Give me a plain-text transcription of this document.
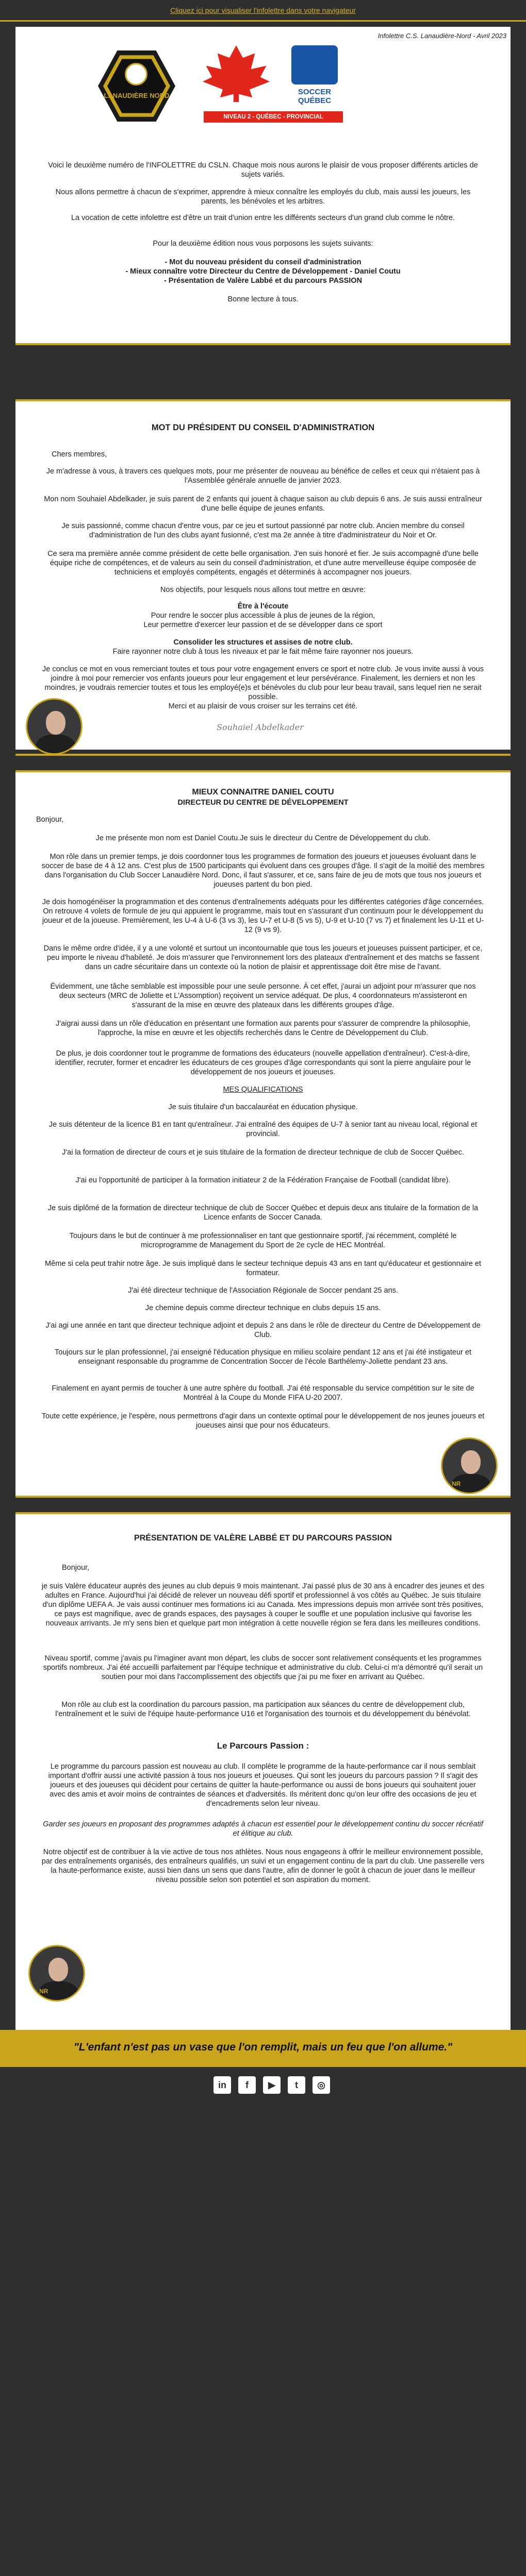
Cliquez ici pour visualiser l'infolettre dans votre navigateur
Infolettre C.S. Lanaudière-Nord - Avril 2023
LANAUDIÈRE NORD	SOCCER QUÉBEC
NIVEAU 2 - QUÉBEC - PROVINCIAL

Voici le deuxième numéro de l'INFOLETTRE du CSLN. Chaque mois nous aurons le plaisir de vous proposer différents articles de sujets variés.

Nous allons permettre à chacun de s'exprimer, apprendre à mieux connaître les employés du club, mais aussi les joueurs, les parents, les bénévoles et les arbitres.

La vocation de cette infolettre est d'être un trait d'union entre les différents secteurs d'un grand club comme le nôtre.

Pour la deuxième édition nous vous porposons les sujets suivants:

- Mot du nouveau président du conseil d'administration

- Mieux connaître votre Directeur du Centre de Développement - Daniel Coutu

- Présentation de Valère Labbé et du parcours PASSION

Bonne lecture à tous.

MOT DU PRÉSIDENT DU CONSEIL D'ADMINISTRATION

Chers membres,

Je m'adresse à vous, à travers ces quelques mots, pour me présenter de nouveau au bénéfice de celles et ceux qui n'étaient pas à l'Assemblée générale annuelle de janvier 2023.

Mon nom Souhaiel Abdelkader, je suis parent de 2 enfants qui jouent à chaque saison au club depuis 6 ans. Je suis aussi entraîneur d'une belle équipe de jeunes enfants.

Je suis passionné, comme chacun d'entre vous, par ce jeu et surtout passionné par notre club. Ancien membre du conseil d'administration de l'un des clubs ayant fusionné, c'est ma 2e année à titre d'administrateur du Noir et Or.

Ce sera ma première année comme président de cette belle organisation. J'en suis honoré et fier. Je suis accompagné d'une belle équipe riche de compétences, et de valeurs au sein du conseil d'administration, et d'une autre merveilleuse équipe composée de techniciens et employés compétents, engagés et déterminés à accompagner nos joueurs.

Nos objectifs, pour lesquels nous allons tout mettre en œuvre:

Être à l'écoute

Pour rendre le soccer plus accessible à plus de jeunes de la région,

Leur permettre d'exercer leur passion et de se développer dans ce sport

Consolider les structures et assises de notre club.

Faire rayonner notre club à tous les niveaux et par le fait même faire rayonner nos joueurs.

Je conclus ce mot en vous remerciant toutes et tous pour votre engagement envers ce sport et notre club. Je vous invite aussi à vous joindre à moi pour remercier vos enfants joueurs pour leur engagement et leur persévérance. Finalement, les derniers et non les moindres, je voudrais remercier toutes et tous les employé(e)s et bénévoles du club pour leur beau travail, sans lequel rien ne serait possible.

Merci et au plaisir de vous croiser sur les terrains cet été.

Souhaiel Abdelkader
MIEUX CONNAITRE DANIEL COUTU
DIRECTEUR DU CENTRE DE DÉVELOPPEMENT

Bonjour,

Je me présente mon nom est Daniel Coutu.Je suis le directeur du Centre de Développement du club.

Mon rôle dans un premier temps, je dois coordonner tous les programmes de formation des joueurs et joueuses évoluant dans le soccer de base de 4 à 12 ans. C'est plus de 1500 participants qui évoluent dans ces groupes d'âge. Il s'agit de la moitié des membres dans l'organisation du Club Soccer Lanaudière Nord. Donc, il faut s'assurer, et ce, sans faire de jeu de mots que tous nos joueurs et joueuses partent du bon pied.

Je dois homogénéiser la programmation et des contenus d'entraînements adéquats pour les différentes catégories d'âge concernées. On retrouve 4 volets de formule de jeu qui appuient le programme, mais tout en s'assurant d'un continuum pour le développement du joueur et de la joueuse. Premièrement, les U-4 à U-6 (3 vs 3), les U-7 et U-8 (5 vs 5), U-9 et U-10 (7 vs 7) et finalement les U-11 et U-12 (9 vs 9).

Dans le même ordre d'idée, il y a une volonté et surtout un incontournable que tous les joueurs et joueuses puissent participer, et ce, peu importe le niveau d'habileté. Je dois m'assurer que l'environnement lors des plateaux d'entraînement et des matchs se fassent dans un cadre sécuritaire dans un contexte où la notion de plaisir et apprentissage doit être mise de l'avant.

Évidemment, une tâche semblable est impossible pour une seule personne. À cet effet, j'aurai un adjoint pour m'assurer que nos deux secteurs (MRC de Joliette et L'Assomption) reçoivent un service adéquat. De plus, 4 coordonnateurs m'assisteront en s'assurant de la mise en œuvre des plateaux dans les différents groupes d'âge.

J'aigrai aussi dans un rôle d'éducation en présentant une formation aux parents pour s'assurer de comprendre la philosophie, l'approche, la mise en œuvre et les objectifs recherchés dans le Centre de Développement du Club.

De plus, je dois coordonner tout le programme de formations des éducateurs (nouvelle appellation d'entraîneur). C'est-à-dire, identifier, recruter, former et encadrer les éducateurs de ces groupes d'âge correspondants qui sont la pierre angulaire pour le développement de nos joueurs et joueuses.

MES QUALIFICATIONS

Je suis titulaire d'un baccalauréat en éducation physique.

Je suis détenteur de la licence B1 en tant qu'entraîneur. J'ai entraîné des équipes de U-7 à senior tant au niveau local, régional et provincial.

J'ai la formation de directeur de cours et je suis titulaire de la formation de directeur technique de club de Soccer Québec.

J'ai eu l'opportunité de participer à la formation initiateur 2 de la Fédération Française de Football (candidat libre).

Je suis diplômé de la formation de directeur technique de club de Soccer Québec et depuis deux ans titulaire de la formation de la Licence enfants de Soccer Canada.

Toujours dans le but de continuer à me professionnaliser en tant que gestionnaire sportif, j'ai récemment, complété le microprogramme de Management du Sport de 2e cycle de HEC Montréal.

Même si cela peut trahir notre âge. Je suis impliqué dans le secteur technique depuis 43 ans en tant qu'éducateur et gestionnaire et formateur.

J'ai été directeur technique de l'Association Régionale de Soccer pendant 25 ans.

Je chemine depuis comme directeur technique en clubs depuis 15 ans.

J'ai agi une année en tant que directeur technique adjoint et depuis 2 ans dans le rôle de directeur du Centre de Développement de Club.

Toujours sur le plan professionnel, j'ai enseigné l'éducation physique en milieu scolaire pendant 12 ans et j'ai été instigateur et enseignant responsable du programme de Concentration Soccer de l'école Barthélemy-Joliette pendant 23 ans.

Finalement en ayant permis de toucher à une autre sphère du football. J'ai été responsable du service compétition sur le site de Montréal à la Coupe du Monde FIFA U-20 2007.

Toute cette expérience, je l'espère, nous permettrons d'agir dans un contexte optimal pour le développement de nos jeunes joueurs et joueuses ainsi que pour nos éducateurs.

NR
PRÉSENTATION DE VALÈRE LABBÉ ET DU PARCOURS PASSION

Bonjour,

je suis Valère éducateur auprès des jeunes au club depuis 9 mois maintenant. J'ai passé plus de 30 ans à encadrer des jeunes et des adultes en France. Aujourd'hui j'ai décidé de relever un nouveau défi sportif et professionnel à vos côtés au Québec. Je suis titulaire d'un diplôme UEFA A. Je vais aussi continuer mes formations ici au Canada. Mes impressions depuis mon arrivée sont très positives, ce pays est magnifique, avec de grands espaces, des paysages à couper le souffle et une population inclusive qui favorise les nouveaux arrivants. Je m'y sens bien et quelque part mon intégration à cette nouvelle région se fera dans les meilleures conditions.

Niveau sportif, comme j'avais pu l'imaginer avant mon départ, les clubs de soccer sont relativement conséquents et les programmes sportifs nombreux. J'ai été accueilli parfaitement par l'équipe technique et administrative du club. Celui-ci m'a démontré qu'il serait un soutien pour moi dans l'accomplissement des objectifs que j'ai pu me fixer en arrivant au Québec.

Mon rôle au club est la coordination du parcours passion, ma participation aux séances du centre de développement club, l'entraînement et le suivi de l'équipe haute-performance U16 et l'organisation des tournois et du développement du bénévolat.

Le Parcours Passion :

Le programme du parcours passion est nouveau au club. Il complète le programme de la haute-performance car il nous semblait important d'offrir aussi une activité passion à tous nos joueurs et joueuses. Qui sont les joueurs du parcours passion ? Il s'agit des joueurs et des joueuses qui décident pour certains de quitter la haute-performance ou aussi de bons joueurs qui souhaitent jouer avec des amis et avoir moins de contraintes de séances et d'adversités. Ils méritent donc qu'on leur offre des occasions de jeu et d'encadrements selon leur niveau.

Garder ses joueurs en proposant des programmes adaptés à chacun est essentiel pour le développement continu du soccer récréatif et élitique au club.

Notre objectif est de contribuer à la vie active de tous nos athlètes. Nous nous engageons à offrir le meilleur environnement possible, par des entraînements organisés, des entraîneurs qualifiés, un suivi et un engagement continu de la part du club. Une passerelle vers la haute-performance existe, aussi bien dans un sens que dans l'autre, afin de donner le goût à chacun de jouer dans le meilleur niveau possible selon son potentiel et son aspiration du moment.

NR
"L'enfant n'est pas un vase que l'on remplit, mais un feu que l'on allume."
in	f	▶	t	◎
